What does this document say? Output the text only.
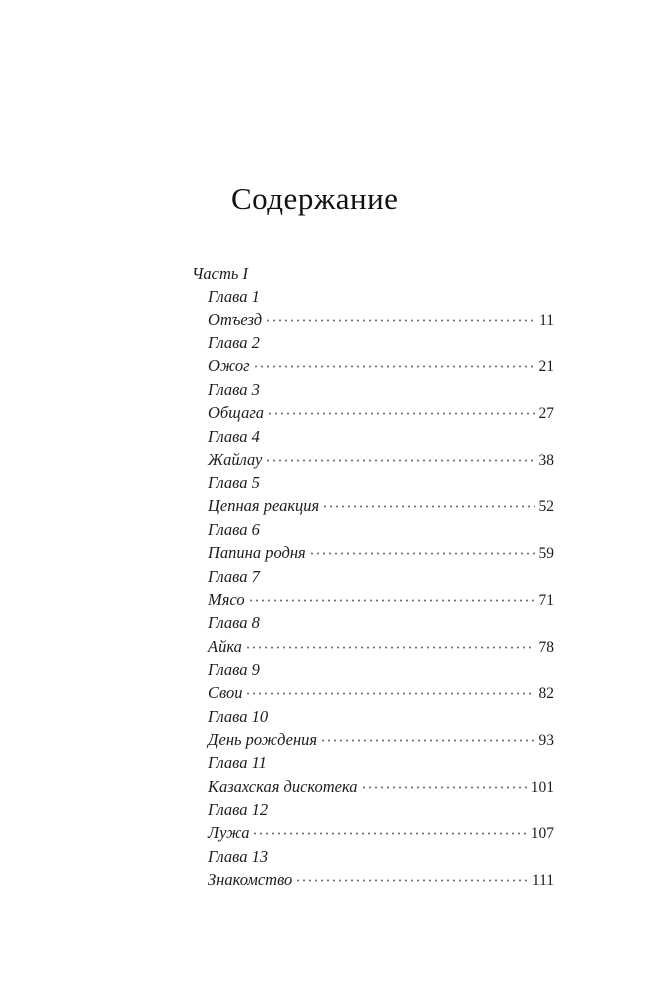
Содержание
Часть I
Глава 1
Отъезд	11
Глава 2
Ожог	21
Глава 3
Общага	27
Глава 4
Жайлау	38
Глава 5
Цепная реакция	52
Глава 6
Папина родня	59
Глава 7
Мясо	71
Глава 8
Айка	78
Глава 9
Свои	82
Глава 10
День рождения	93
Глава 11
Казахская дискотека	101
Глава 12
Лужа	107
Глава 13
Знакомство	111
